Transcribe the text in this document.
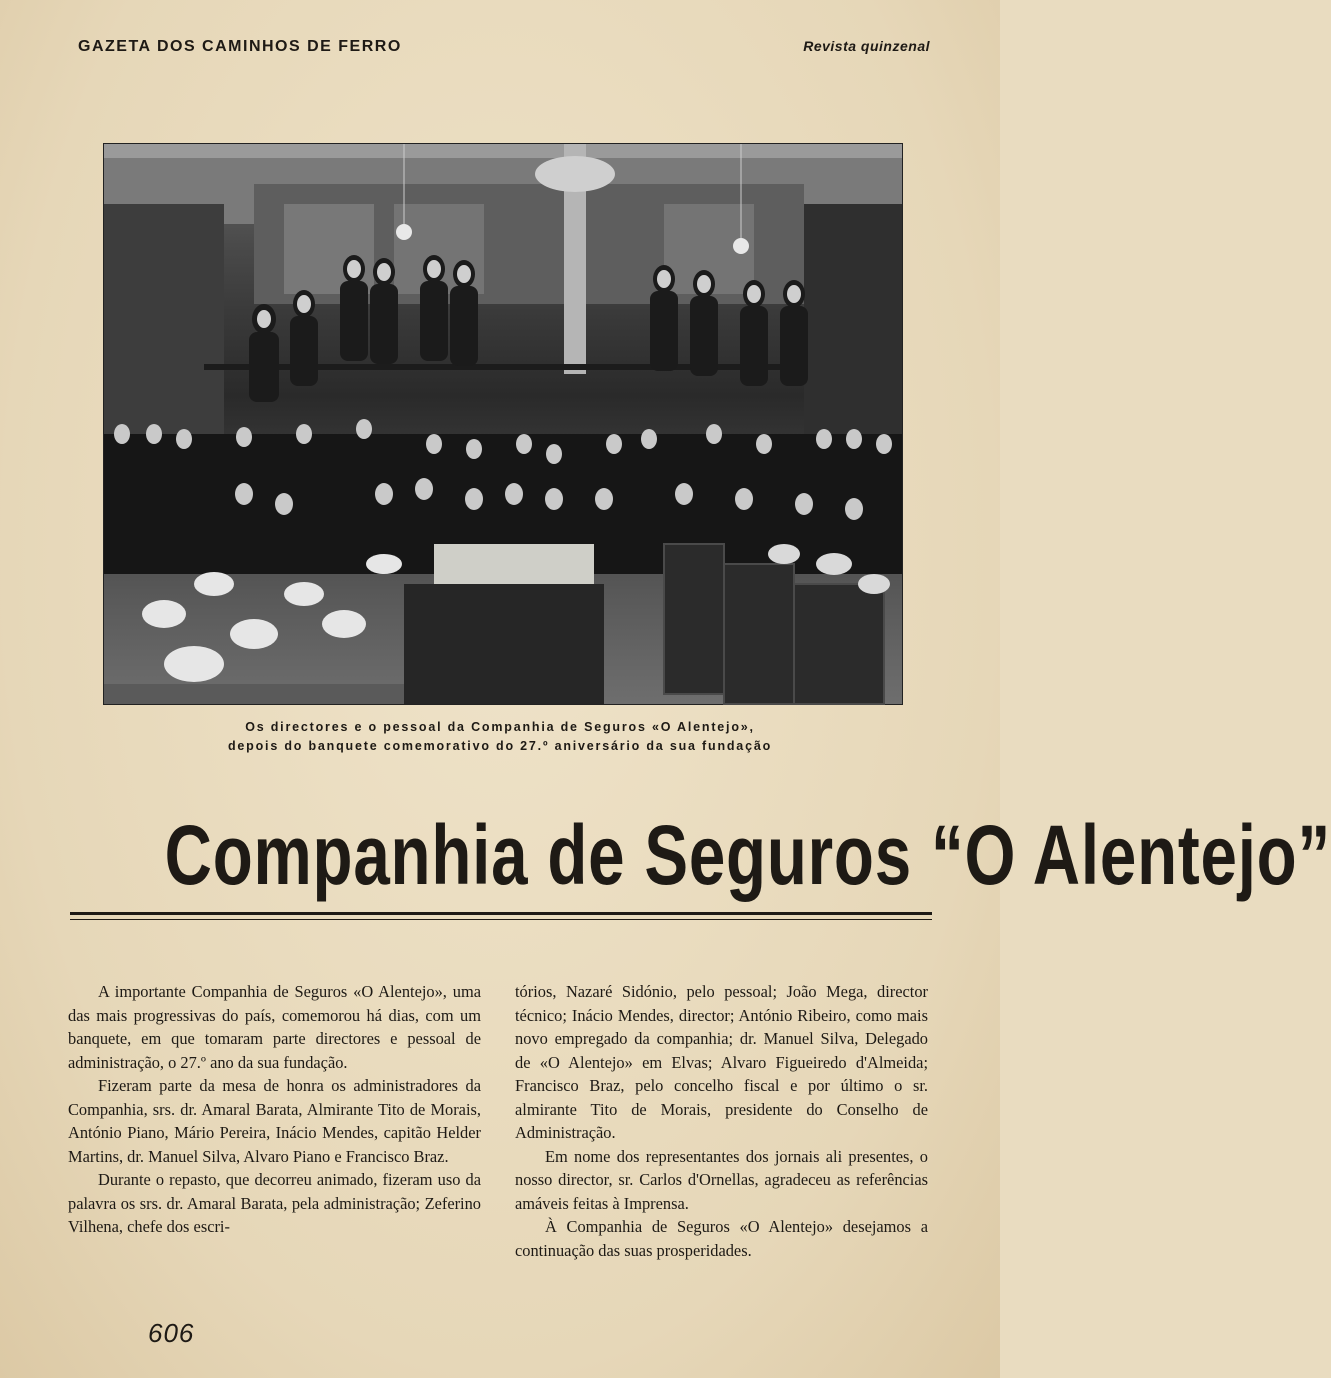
GAZETA DOS CAMINHOS DE FERRO	Revista quinzenal
Os directores e o pessoal da Companhia de Seguros «O Alentejo»,
depois do banquete comemorativo do 27.º aniversário da sua fundação
Companhia de Seguros “O Alentejo”

A importante Companhia de Seguros «O Alentejo», uma das mais progressivas do país, comemorou há dias, com um banquete, em que tomaram parte directores e pessoal de administração, o 27.º ano da sua fundação.

Fizeram parte da mesa de honra os administradores da Companhia, srs. dr. Amaral Barata, Almirante Tito de Morais, António Piano, Mário Pereira, Inácio Mendes, capitão Helder Martins, dr. Manuel Silva, Alvaro Piano e Francisco Braz.

Durante o repasto, que decorreu animado, fizeram uso da palavra os srs. dr. Amaral Barata, pela administração; Zeferino Vilhena, chefe dos escri-

tórios, Nazaré Sidónio, pelo pessoal; João Mega, director técnico; Inácio Mendes, director; António Ribeiro, como mais novo empregado da companhia; dr. Manuel Silva, Delegado de «O Alentejo» em Elvas; Alvaro Figueiredo d'Almeida; Francisco Braz, pelo concelho fiscal e por último o sr. almirante Tito de Morais, presidente do Conselho de Administração.

Em nome dos representantes dos jornais ali presentes, o nosso director, sr. Carlos d'Ornellas, agradeceu as referências amáveis feitas à Imprensa.

À Companhia de Seguros «O Alentejo» desejamos a continuação das suas prosperidades.

606
